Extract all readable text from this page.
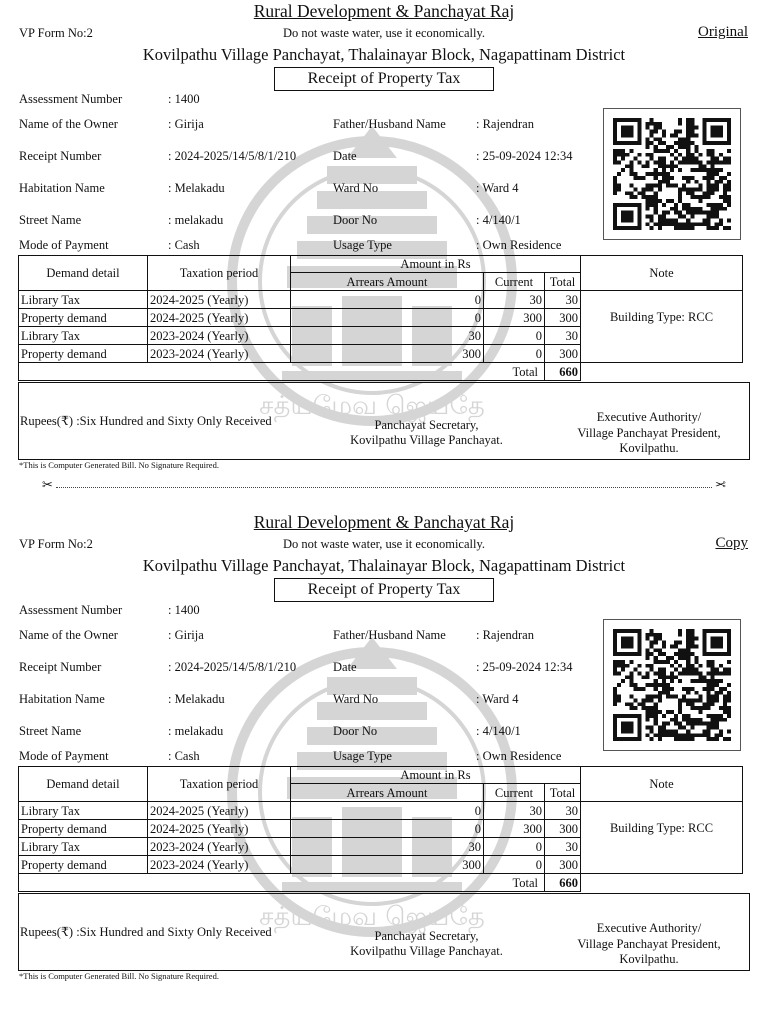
சத்யமேவ ஜெயதே
Rural Development & Panchayat Raj
VP Form No:2	Do not waste water, use it economically.	Original
Kovilpathu Village Panchayat, Thalainayar Block, Nagapattinam District
Receipt of Property Tax
Assessment Number	: 1400
Name of the Owner	: Girija	Father/Husband Name : Rajendran
Receipt Number	: 2024-2025/14/5/8/1/210	Date	: 25-09-2024 12:34
Habitation Name	: Melakadu	Ward No	: Ward 4
Street Name	: melakadu	Door No	: 4/140/1
Mode of Payment	: Cash	Usage Type	: Own Residence
Demand detail	Taxation period	Amount in Rs			Note
		Arrears Amount	Current	Total	
Library Tax	2024-2025 (Yearly)	0	30	30	Building Type: RCC

Property demand	2024-2025 (Yearly)	0	300	300	
Library Tax	2023-2024 (Yearly)	30	0	30	
Property demand	2023-2024 (Yearly)	300	0	300	
Total				660	
Rupees(₹) :Six Hundred and Sixty Only Received	Panchayat Secretary,
Kovilpathu Village Panchayat.
Executive Authority/
Village Panchayat President,
Kovilpathu.
*This is Computer Generated Bill. No Signature Required.
சத்யமேவ ஜெயதே
Rural Development & Panchayat Raj
VP Form No:2	Do not waste water, use it economically.	Copy
Kovilpathu Village Panchayat, Thalainayar Block, Nagapattinam District
Receipt of Property Tax
Assessment Number	: 1400
Name of the Owner	: Girija	Father/Husband Name : Rajendran
Receipt Number	: 2024-2025/14/5/8/1/210	Date	: 25-09-2024 12:34
Habitation Name	: Melakadu	Ward No	: Ward 4
Street Name	: melakadu	Door No	: 4/140/1
Mode of Payment	: Cash	Usage Type	: Own Residence
Demand detail	Taxation period	Amount in Rs			Note
		Arrears Amount	Current	Total	
Library Tax	2024-2025 (Yearly)	0	30	30	Building Type: RCC

Property demand	2024-2025 (Yearly)	0	300	300	
Library Tax	2023-2024 (Yearly)	30	0	30	
Property demand	2023-2024 (Yearly)	300	0	300	
Total				660	
Rupees(₹) :Six Hundred and Sixty Only Received	Panchayat Secretary,
Kovilpathu Village Panchayat.
Executive Authority/
Village Panchayat President,
Kovilpathu.
*This is Computer Generated Bill. No Signature Required.
✂	✂
